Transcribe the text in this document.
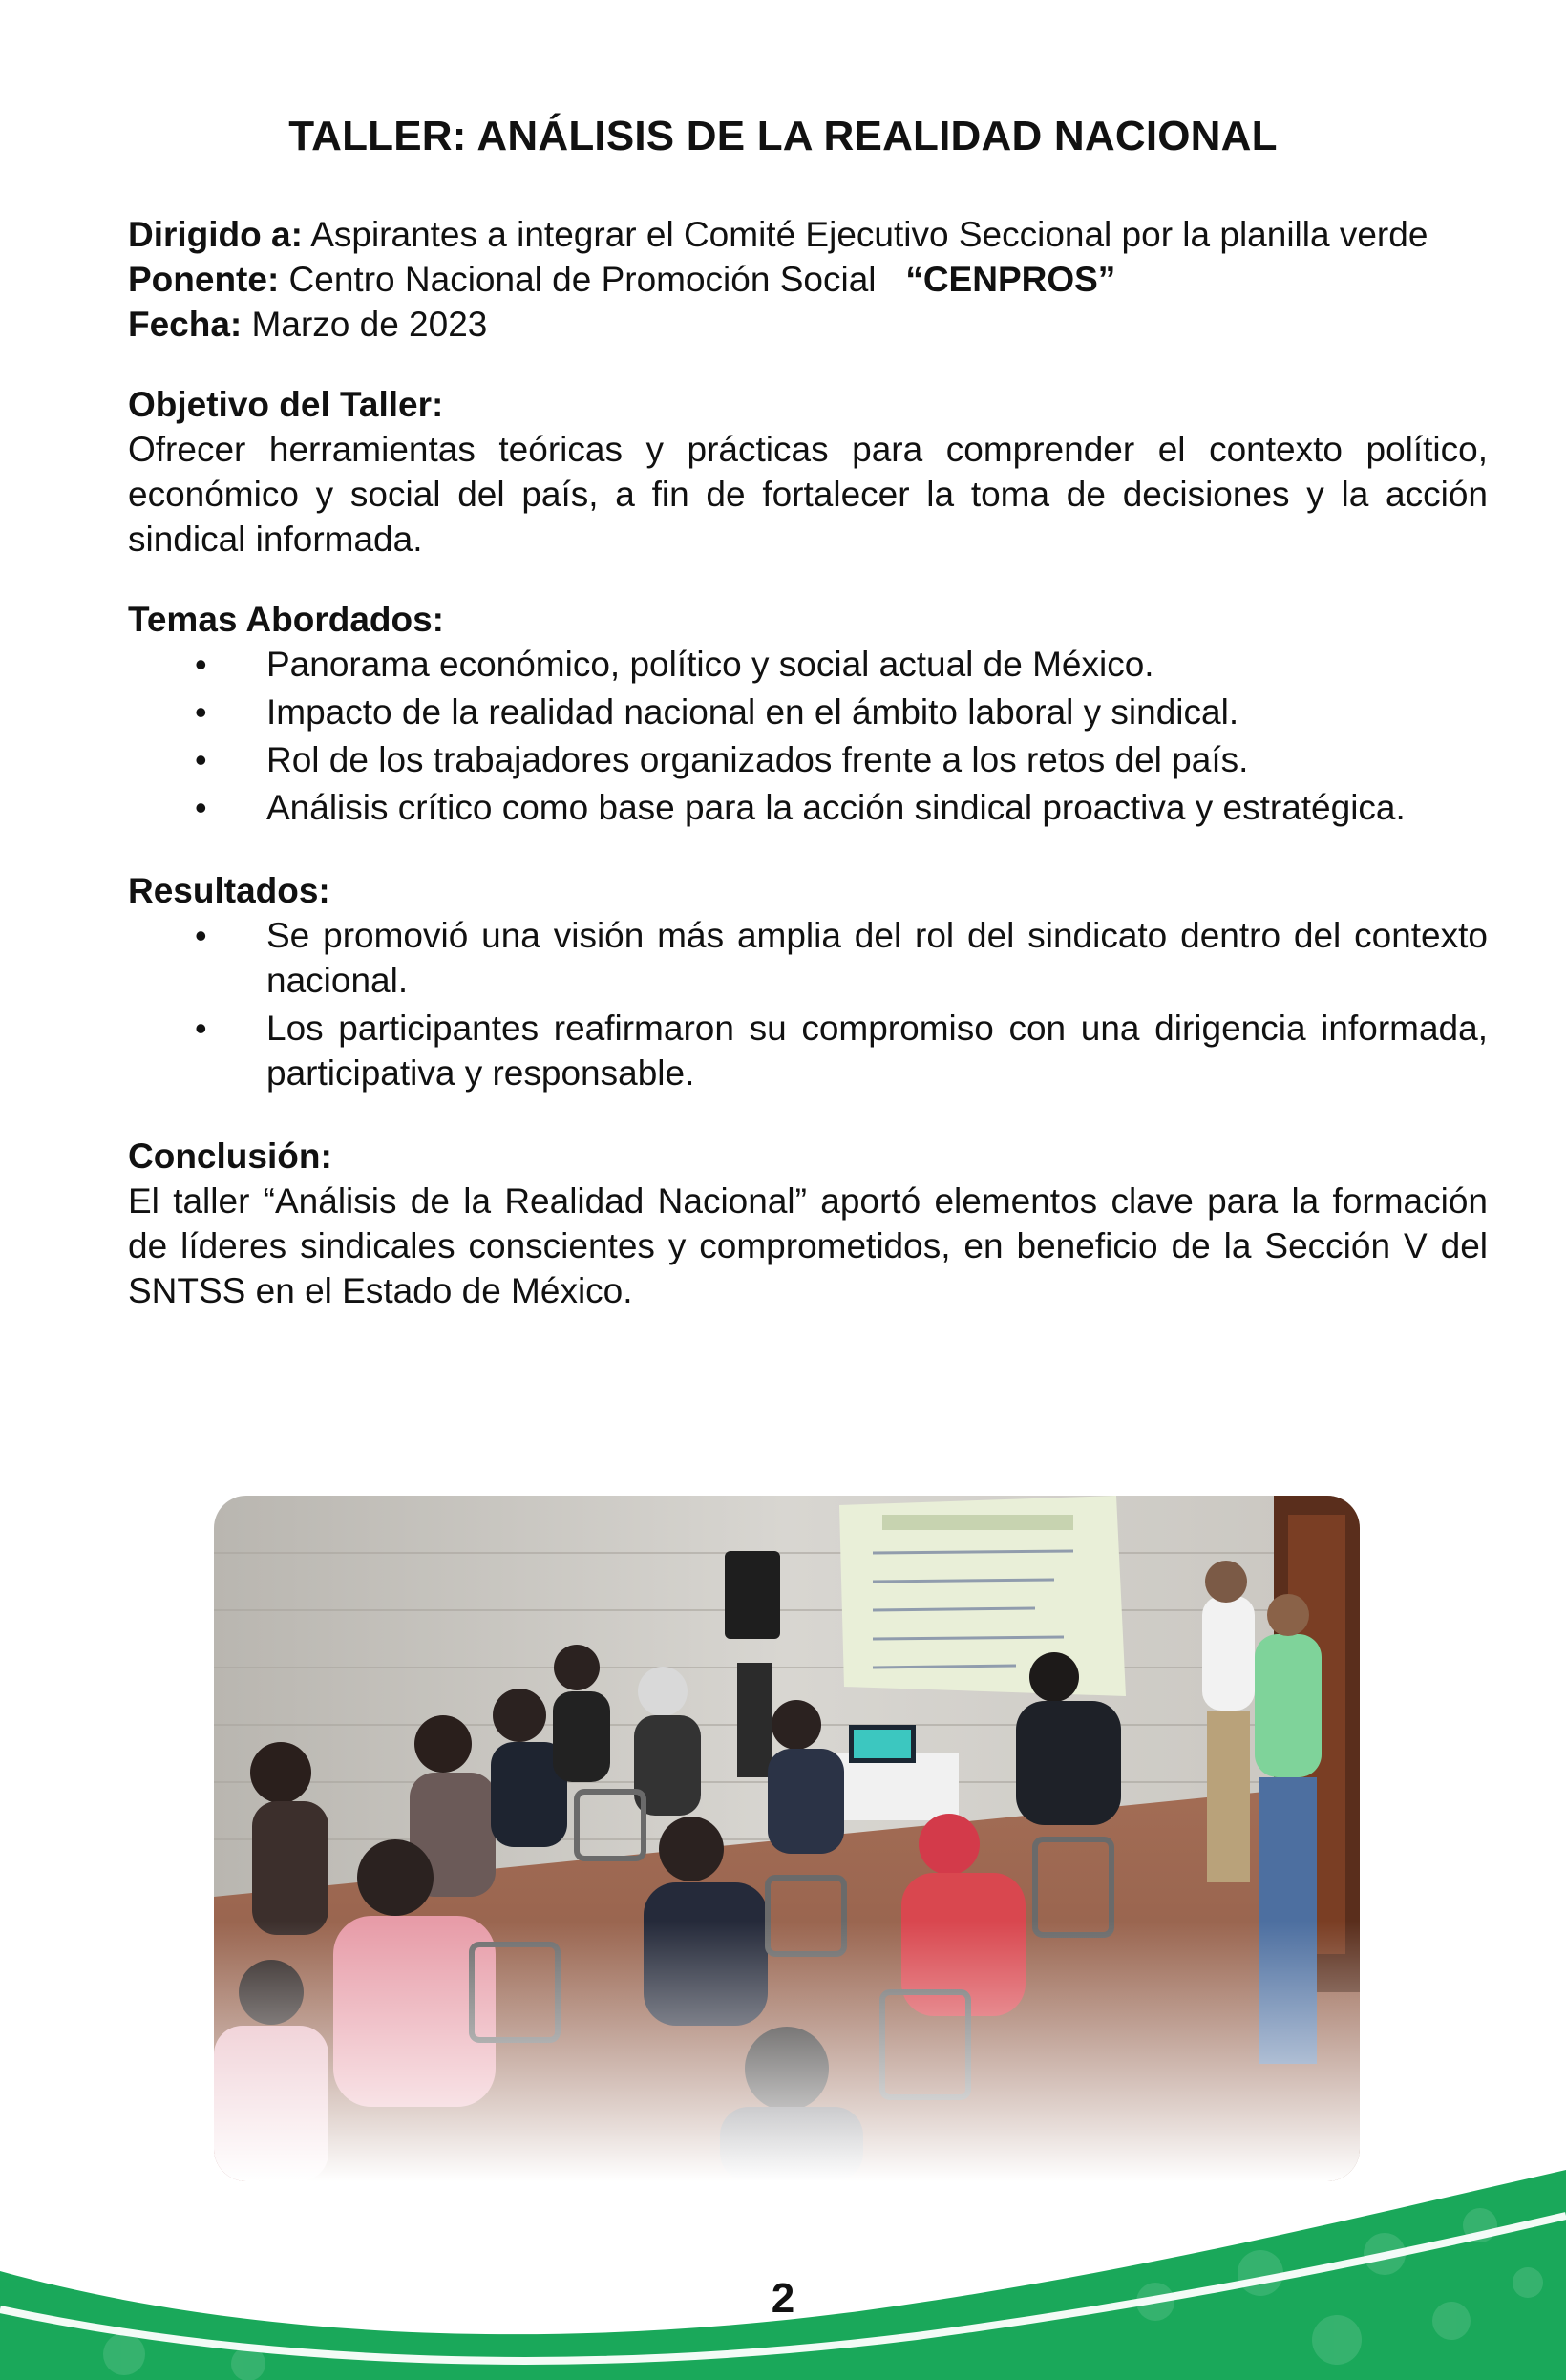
TALLER: ANÁLISIS DE LA REALIDAD NACIONAL

Dirigido a: Aspirantes a integrar el Comité Ejecutivo Seccional por la planilla verde

Ponente: Centro Nacional de Promoción Social   “CENPROS”

Fecha: Marzo de 2023

Objetivo del Taller:

Ofrecer herramientas teóricas y prácticas para comprender el contexto político, económico y social del país, a fin de fortalecer la toma de decisiones y la acción sindical informada.

Temas Abordados:

• Panorama económico, político y social actual de México.
• Impacto de la realidad nacional en el ámbito laboral y sindical.
• Rol de los trabajadores organizados frente a los retos del país.
• Análisis crítico como base para la acción sindical proactiva y estratégica.

Resultados:

• Se promovió una visión más amplia del rol del sindicato dentro del contexto nacional.
• Los participantes reafirmaron su compromiso con una dirigencia informada, participativa y responsable.

Conclusión:

El taller “Análisis de la Realidad Nacional” aportó elementos clave para la formación de líderes sindicales conscientes y comprometidos, en beneficio de la Sección V del SNTSS en el Estado de México.

2
